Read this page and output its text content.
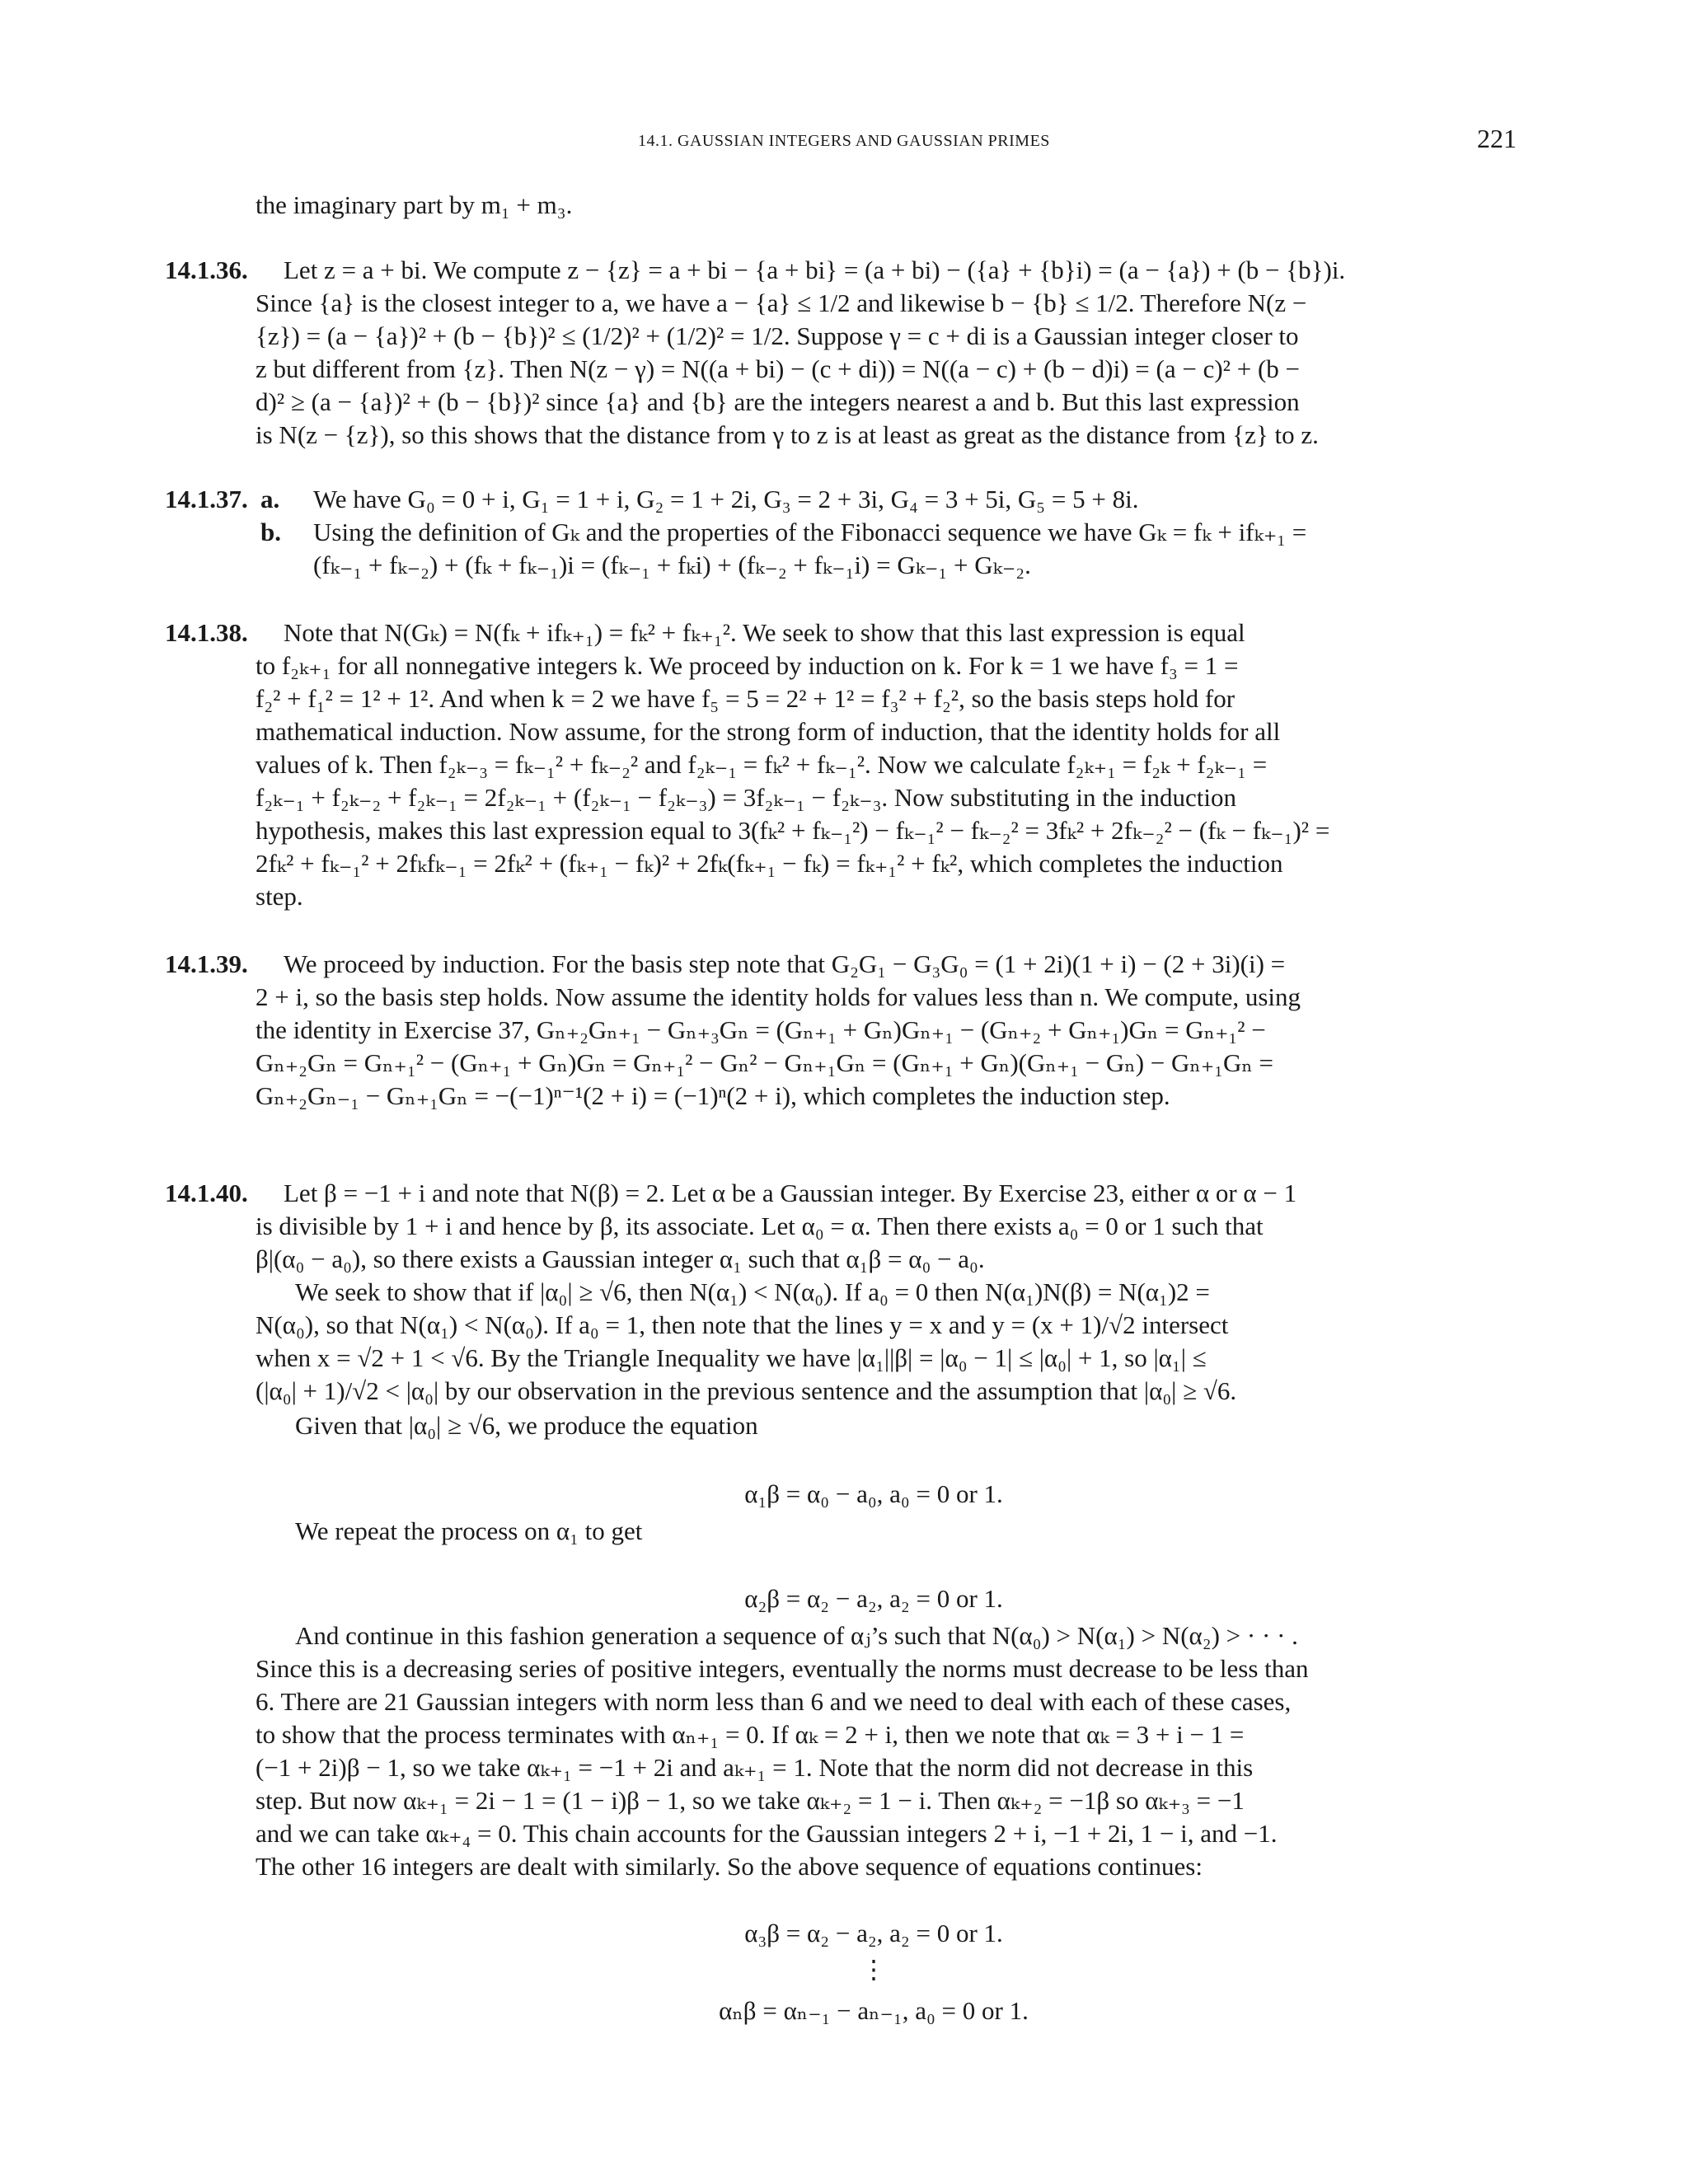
14.1. GAUSSIAN INTEGERS AND GAUSSIAN PRIMES	221
the imaginary part by m₁ + m₃.
14.1.36. Let z = a + bi. We compute z − {z} = a + bi − {a + bi} = (a + bi) − ({a} + {b}i) = (a − {a}) + (b − {b})i.
Since {a} is the closest integer to a, we have a − {a} ≤ 1/2 and likewise b − {b} ≤ 1/2. Therefore N(z −
{z}) = (a − {a})² + (b − {b})² ≤ (1/2)² + (1/2)² = 1/2. Suppose γ = c + di is a Gaussian integer closer to
z but different from {z}. Then N(z − γ) = N((a + bi) − (c + di)) = N((a − c) + (b − d)i) = (a − c)² + (b −
d)² ≥ (a − {a})² + (b − {b})² since {a} and {b} are the integers nearest a and b. But this last expression
is N(z − {z}), so this shows that the distance from γ to z is at least as great as the distance from {z} to z.
14.1.37. a. We have G₀ = 0 + i, G₁ = 1 + i, G₂ = 1 + 2i, G₃ = 2 + 3i, G₄ = 3 + 5i, G₅ = 5 + 8i.
b. Using the definition of Gₖ and the properties of the Fibonacci sequence we have Gₖ = fₖ + ifₖ₊₁ =
(fₖ₋₁ + fₖ₋₂) + (fₖ + fₖ₋₁)i = (fₖ₋₁ + fₖi) + (fₖ₋₂ + fₖ₋₁i) = Gₖ₋₁ + Gₖ₋₂.
14.1.38. Note that N(Gₖ) = N(fₖ + ifₖ₊₁) = fₖ² + fₖ₊₁². We seek to show that this last expression is equal
to f₂ₖ₊₁ for all nonnegative integers k. We proceed by induction on k. For k = 1 we have f₃ = 1 =
f₂² + f₁² = 1² + 1². And when k = 2 we have f₅ = 5 = 2² + 1² = f₃² + f₂², so the basis steps hold for
mathematical induction. Now assume, for the strong form of induction, that the identity holds for all
values of k. Then f₂ₖ₋₃ = fₖ₋₁² + fₖ₋₂² and f₂ₖ₋₁ = fₖ² + fₖ₋₁². Now we calculate f₂ₖ₊₁ = f₂ₖ + f₂ₖ₋₁ =
f₂ₖ₋₁ + f₂ₖ₋₂ + f₂ₖ₋₁ = 2f₂ₖ₋₁ + (f₂ₖ₋₁ − f₂ₖ₋₃) = 3f₂ₖ₋₁ − f₂ₖ₋₃. Now substituting in the induction
hypothesis, makes this last expression equal to 3(fₖ² + fₖ₋₁²) − fₖ₋₁² − fₖ₋₂² = 3fₖ² + 2fₖ₋₂² − (fₖ − fₖ₋₁)² =
2fₖ² + fₖ₋₁² + 2fₖfₖ₋₁ = 2fₖ² + (fₖ₊₁ − fₖ)² + 2fₖ(fₖ₊₁ − fₖ) = fₖ₊₁² + fₖ², which completes the induction
step.
14.1.39. We proceed by induction. For the basis step note that G₂G₁ − G₃G₀ = (1 + 2i)(1 + i) − (2 + 3i)(i) =
2 + i, so the basis step holds. Now assume the identity holds for values less than n. We compute, using
the identity in Exercise 37, Gₙ₊₂Gₙ₊₁ − Gₙ₊₃Gₙ = (Gₙ₊₁ + Gₙ)Gₙ₊₁ − (Gₙ₊₂ + Gₙ₊₁)Gₙ = Gₙ₊₁² −
Gₙ₊₂Gₙ = Gₙ₊₁² − (Gₙ₊₁ + Gₙ)Gₙ = Gₙ₊₁² − Gₙ² − Gₙ₊₁Gₙ = (Gₙ₊₁ + Gₙ)(Gₙ₊₁ − Gₙ) − Gₙ₊₁Gₙ =
Gₙ₊₂Gₙ₋₁ − Gₙ₊₁Gₙ = −(−1)ⁿ⁻¹(2 + i) = (−1)ⁿ(2 + i), which completes the induction step.
14.1.40. Let β = −1 + i and note that N(β) = 2. Let α be a Gaussian integer. By Exercise 23, either α or α − 1
is divisible by 1 + i and hence by β, its associate. Let α₀ = α. Then there exists a₀ = 0 or 1 such that
β|(α₀ − a₀), so there exists a Gaussian integer α₁ such that α₁β = α₀ − a₀.
We seek to show that if |α₀| ≥ √6, then N(α₁) < N(α₀). If a₀ = 0 then N(α₁)N(β) = N(α₁)2 =
N(α₀), so that N(α₁) < N(α₀). If a₀ = 1, then note that the lines y = x and y = (x + 1)/√2 intersect
when x = √2 + 1 < √6. By the Triangle Inequality we have |α₁||β| = |α₀ − 1| ≤ |α₀| + 1, so |α₁| ≤
(|α₀| + 1)/√2 < |α₀| by our observation in the previous sentence and the assumption that |α₀| ≥ √6.
Given that |α₀| ≥ √6, we produce the equation
α₁β = α₀ − a₀, a₀ = 0 or 1.
We repeat the process on α₁ to get
α₂β = α₂ − a₂, a₂ = 0 or 1.
And continue in this fashion generation a sequence of αⱼ’s such that N(α₀) > N(α₁) > N(α₂) > · · · .
Since this is a decreasing series of positive integers, eventually the norms must decrease to be less than
6. There are 21 Gaussian integers with norm less than 6 and we need to deal with each of these cases,
to show that the process terminates with αₙ₊₁ = 0. If αₖ = 2 + i, then we note that αₖ = 3 + i − 1 =
(−1 + 2i)β − 1, so we take αₖ₊₁ = −1 + 2i and aₖ₊₁ = 1. Note that the norm did not decrease in this
step. But now αₖ₊₁ = 2i − 1 = (1 − i)β − 1, so we take αₖ₊₂ = 1 − i. Then αₖ₊₂ = −1β so αₖ₊₃ = −1
and we can take αₖ₊₄ = 0. This chain accounts for the Gaussian integers 2 + i, −1 + 2i, 1 − i, and −1.
The other 16 integers are dealt with similarly. So the above sequence of equations continues:
α₃β = α₂ − a₂, a₂ = 0 or 1.
⋮
αₙβ = αₙ₋₁ − aₙ₋₁, a₀ = 0 or 1.
